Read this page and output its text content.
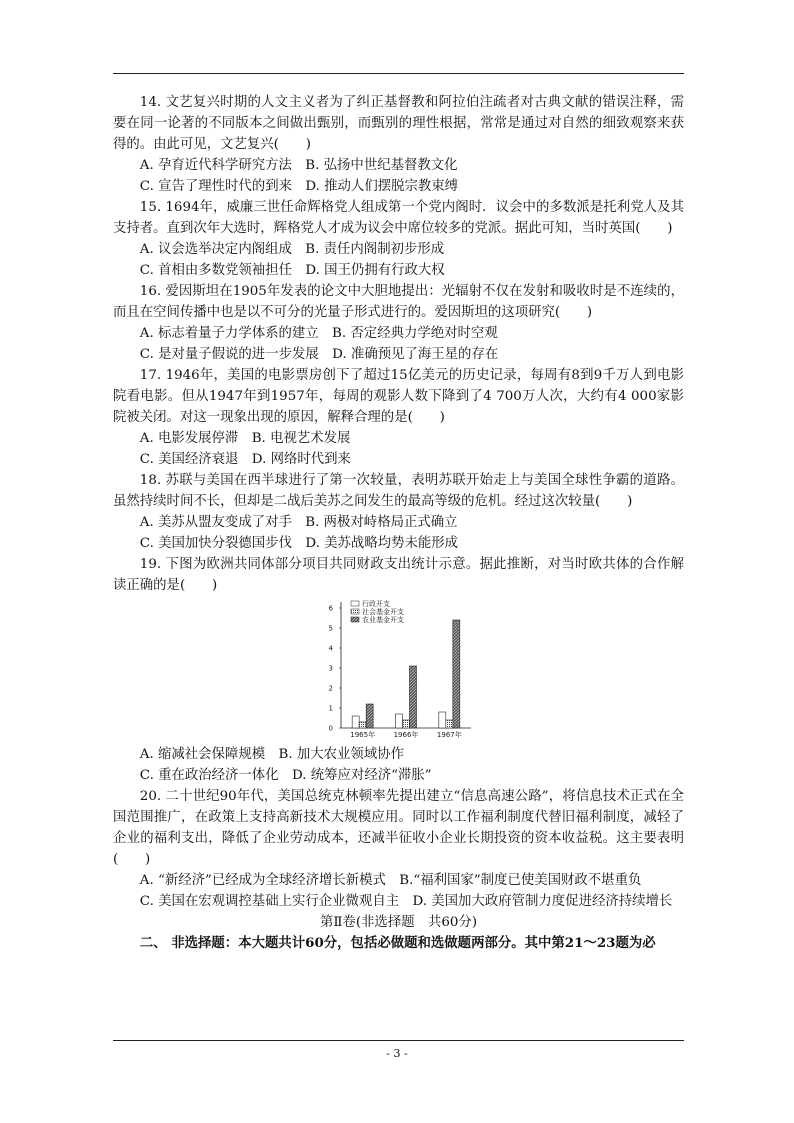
14. 文艺复兴时期的人文主义者为了纠正基督教和阿拉伯注疏者对古典文献的错误注释，需要在同一论著的不同版本之间做出甄别，而甄别的理性根据，常常是通过对自然的细致观察来获得的。由此可见，文艺复兴(　　)

A. 孕育近代科学研究方法　B. 弘扬中世纪基督教文化

C. 宣告了理性时代的到来　D. 推动人们摆脱宗教束缚

15. 1694年，威廉三世任命辉格党人组成第一个党内阁时．议会中的多数派是托利党人及其支持者。直到次年大选时，辉格党人才成为议会中席位较多的党派。据此可知，当时英国(　　)

A. 议会选举决定内阁组成　B. 责任内阁制初步形成

C. 首相由多数党领袖担任　D. 国王仍拥有行政大权

16. 爱因斯坦在1905年发表的论文中大胆地提出：光辐射不仅在发射和吸收时是不连续的，而且在空间传播中也是以不可分的光量子形式进行的。爱因斯坦的这项研究(　　)

A. 标志着量子力学体系的建立　B. 否定经典力学绝对时空观

C. 是对量子假说的进一步发展　D. 准确预见了海王星的存在

17. 1946年，美国的电影票房创下了超过15亿美元的历史记录，每周有8到9千万人到电影院看电影。但从1947年到1957年，每周的观影人数下降到了4 700万人次，大约有4 000家影院被关闭。对这一现象出现的原因，解释合理的是(　　)

A. 电影发展停滞　B. 电视艺术发展

C. 美国经济衰退　D. 网络时代到来

18. 苏联与美国在西半球进行了第一次较量，表明苏联开始走上与美国全球性争霸的道路。虽然持续时间不长，但却是二战后美苏之间发生的最高等级的危机。经过这次较量(　　)

A. 美苏从盟友变成了对手　B. 两极对峙格局正式确立

C. 美国加快分裂德国步伐　D. 美苏战略均势未能形成

19. 下图为欧洲共同体部分项目共同财政支出统计示意。据此推断，对当时欧共体的合作解读正确的是(　　)

0
1
2
3
4
5
6
1965年	1966年	1967年
行政开支
社会基金开支
农业基金开支

A. 缩减社会保障规模　B. 加大农业领域协作

C. 重在政治经济一体化　D. 统筹应对经济“滞胀”

20. 二十世纪90年代，美国总统克林顿率先提出建立“信息高速公路”，将信息技术正式在全国范围推广，在政策上支持高新技术大规模应用。同时以工作福利制度代替旧福利制度，减轻了企业的福利支出，降低了企业劳动成本，还减半征收小企业长期投资的资本收益税。这主要表明(　　)

A. “新经济”已经成为全球经济增长新模式　B.“福利国家”制度已使美国财政不堪重负

C. 美国在宏观调控基础上实行企业微观自主　D. 美国加大政府管制力度促进经济持续增长

第Ⅱ卷(非选择题　共60分)

二、 非选择题：本大题共计60分，包括必做题和选做题两部分。其中第21～23题为必

- 3 -
